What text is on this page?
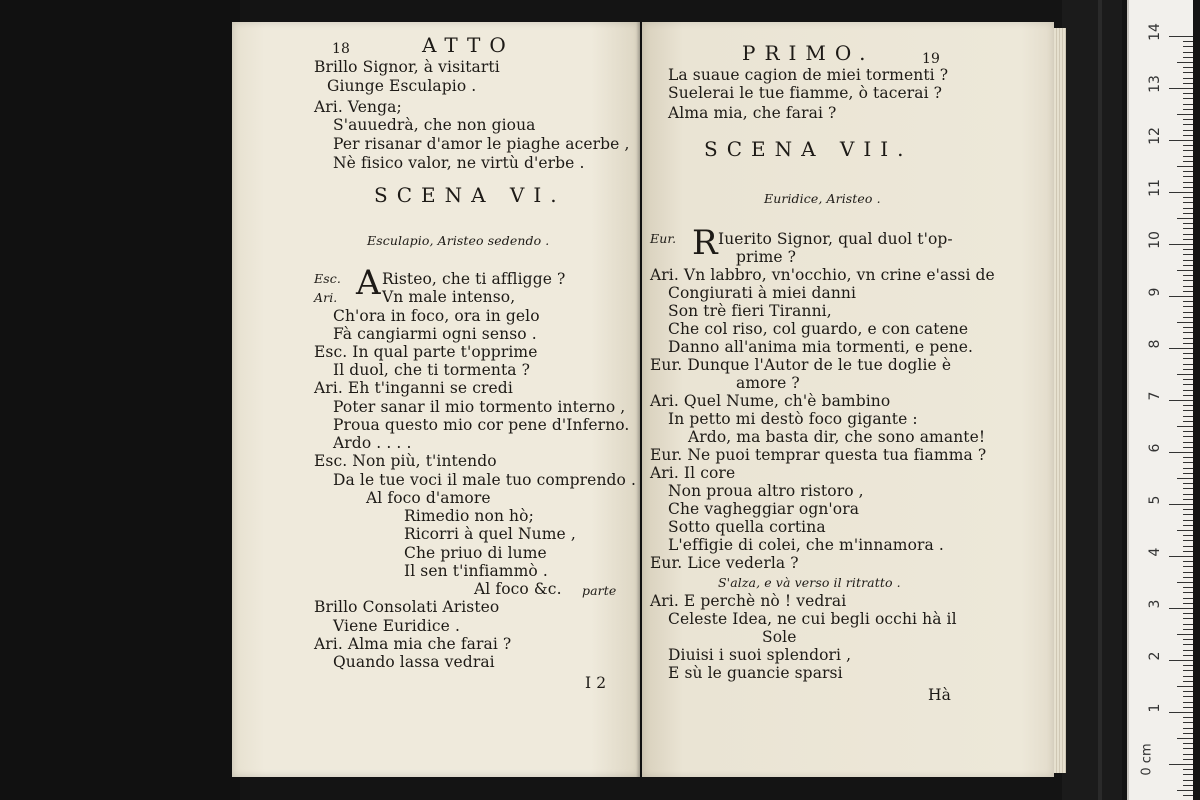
18	ATTO
Brillo Signor, à visitarti
Giunge Esculapio .
Ari. Venga;
S'auuedrà, che non gioua
Per risanar d'amor le piaghe acerbe ,
Nè fisico valor, ne virtù d'erbe .
SCENA VI.
Esculapio, Aristeo sedendo .
Esc. A Risteo, che ti affligge ?
Ari.	Vn male intenso,
Ch'ora in foco, ora in gelo
Fà cangiarmi ogni senso .
Esc. In qual parte t'opprime
Il duol, che ti tormenta ?
Ari. Eh t'inganni se credi
Poter sanar il mio tormento interno ,
Proua questo mio cor pene d'Inferno.
Ardo . . . .
Esc. Non più, t'intendo
Da le tue voci il male tuo comprendo .
Al foco d'amore
Rimedio non hò;
Ricorri à quel Nume ,
Che priuo di lume
Il sen t'infiammò .
Al foco &c. parte
Brillo Consolati Aristeo
Viene Euridice .
Ari. Alma mia che farai ?
Quando lassa vedrai
I 2
PRIMO.	19
La suaue cagion de miei tormenti ?
Suelerai le tue fiamme, ò tacerai ?
Alma mia, che farai ?
SCENA VII.
Euridice, Aristeo .
Eur. R Iuerito Signor, qual duol t'op-
prime ?
Ari. Vn labbro, vn'occhio, vn crine e'assi de
Congiurati à miei danni
Son trè fieri Tiranni,
Che col riso, col guardo, e con catene
Danno all'anima mia tormenti, e pene.
Eur. Dunque l'Autor de le tue doglie è
amore ?
Ari. Quel Nume, ch'è bambino
In petto mi destò foco gigante :
Ardo, ma basta dir, che sono amante!
Eur. Ne puoi temprar questa tua fiamma ?
Ari. Il core
Non proua altro ristoro ,
Che vagheggiar ogn'ora
Sotto quella cortina
L'effigie di colei, che m'innamora .
Eur. Lice vederla ?
S'alza, e và verso il ritratto .
Ari. E perchè nò ! vedrai
Celeste Idea, ne cui begli occhi hà il
Sole
Diuisi i suoi splendori ,
E sù le guancie sparsi
Hà
14
13
12
11
10
9
8
7
6
5
4
3
2
1
0 cm
